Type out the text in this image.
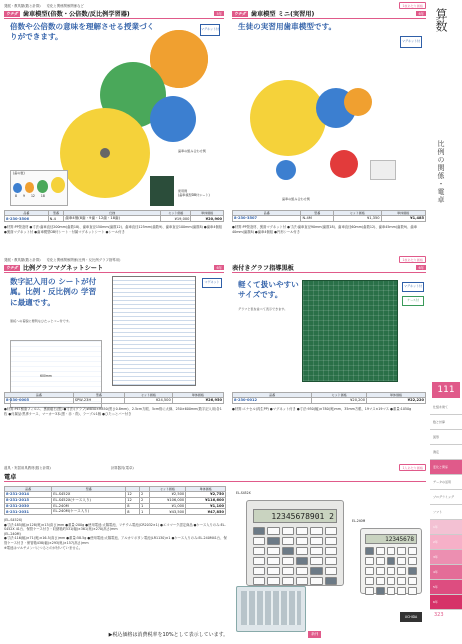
算数
比例の関係・電卓
111
323
発展・教具類(数と計算) 変化と関係関係関係など
ウチダ 歯車模型(倍数・公倍数/反比例学習器)	5年
倍数や公倍数の意味を理解させる授業づくりができます。
マグネット付
(歯の数)
8 9 12 18
歯車の組み合わせ例
使用例
(歯車模型DB付シート)
品番	型番	仕様	セット価格	単体価格
8-230-3506	N-4	歯車4個(8歯・9歯・12歯・18歯)	¥19,000	¥20,900
●材質:PP発泡材 ●寸法:歯車直径200mm(歯数18)、歯車直径150mm(歯数12)、歯車直径125mm(歯数9)、歯車直径100mm(歯数8) ●歯車4個組 ●裏面マグネット付 ●歯車模型DB付シート・付属マグネットシート ●シール付き
1枚あたり価格
ウチダ 歯車模型 ミニ(実習用)	6年
生徒の実習用歯車模型です。
マグネット付
歯車の組み合わせ例
品番	型番	セット価格	単体価格
8-230-3507	N-4M	¥1,350	¥1,485
●材質:PP発泡材、裏面マグネット付 ●寸法:歯車直径90mm(歯数18)、歯車直径60mm(歯数12)、歯車45mm(歯数9)、歯車40mm(歯数8) ●歯車4個組 ●円形シール付き
発展・教具類(数と計算) 変化と関係関係関係(比例・反比例グラフ指導用)
ウチダ 比例グラフマグネットシート	6年
数字記入用の シートが付属。比例・反比例の 学習に最適です。
黒板への着脱に便利なひたっとバー付です。
600mm
マグネット
品番	型番	セット価格	単体価格
8-230-0005	SPW-23H	¥24,500	¥26,950
●材質:PET樹脂フィルム、裏面磁石(黒) ●寸法:(グラフ)W850×H850(黒さ0.8mm)、2.5cm方眼、5cm格に太線、250×600mm(数字記入用)各1枚 ●付属品:黒専ケース、マーカー3本(黒・赤・青)、ラーブル1個 ●ひたっとバー付き
1枚あたり価格
表付きグラフ指導黒板	6年
軽くて扱いやすい サイズです。
グラフと表を並べて表示できます。
マグネット付
ケース付
品番	セット価格	単体価格
8-230-0012	¥20,200	¥22,220
●材質:エナセル(再生PP) ●マグネット付き ●寸法:930(幅)×780(奥)mm、35mm方眼、19マス×19マス ●重量:1050g
道具・実習用具教材(数と計算)	計算器具(電卓)	1人あたり価格
電卓
品番	型番			セット価格	単体価格
8-231-2014	EL-S452X	12	2	¥2,500	¥2,750
8-231-2015	EL-S452X(ケース入り)	12	2	¥106,000	¥116,600
8-231-2030	EL-240M	8	1	¥1,000	¥1,100
8-231-2031	EL-240M(ケース入り)	8	1	¥43,500	¥47,850
(EL-S452X)
●寸法:185(幅)×128(奥)×13(高さ)mm ●重量:200g ●使用電池:太陽電池、リチウム電池(CR2032×1) ●エコマーク認定商品 ●ケース入りのみ:EL-S452X 41台、保管ケース付き・収納箱約531(幅)×361(奥)×270(高さ)mm
(EL-240M)
●寸法:116(幅)×71(奥)×16.5(高さ)mm ●重量:58.5g ●使用電池:太陽電池、アルカリボタン電池(LR1130)×1 ●ケース入りのみ:EL-240M41台、保管ケース付き・保管箱438(幅)×293(奥)×157(高さ)mm
※電池はマルチメンバにつるとのが付いていません。
EL-S452X
12345678901 2	EL-240M
12345678
UCHIDA
▶税込価格は消費税率を10%として表示しています。	新刊
仕組を建て
数と計算
図形
測定
変化と関係
データの活用
プログラミング
ソフト
1年
2年
3年
4年
5年
6年
